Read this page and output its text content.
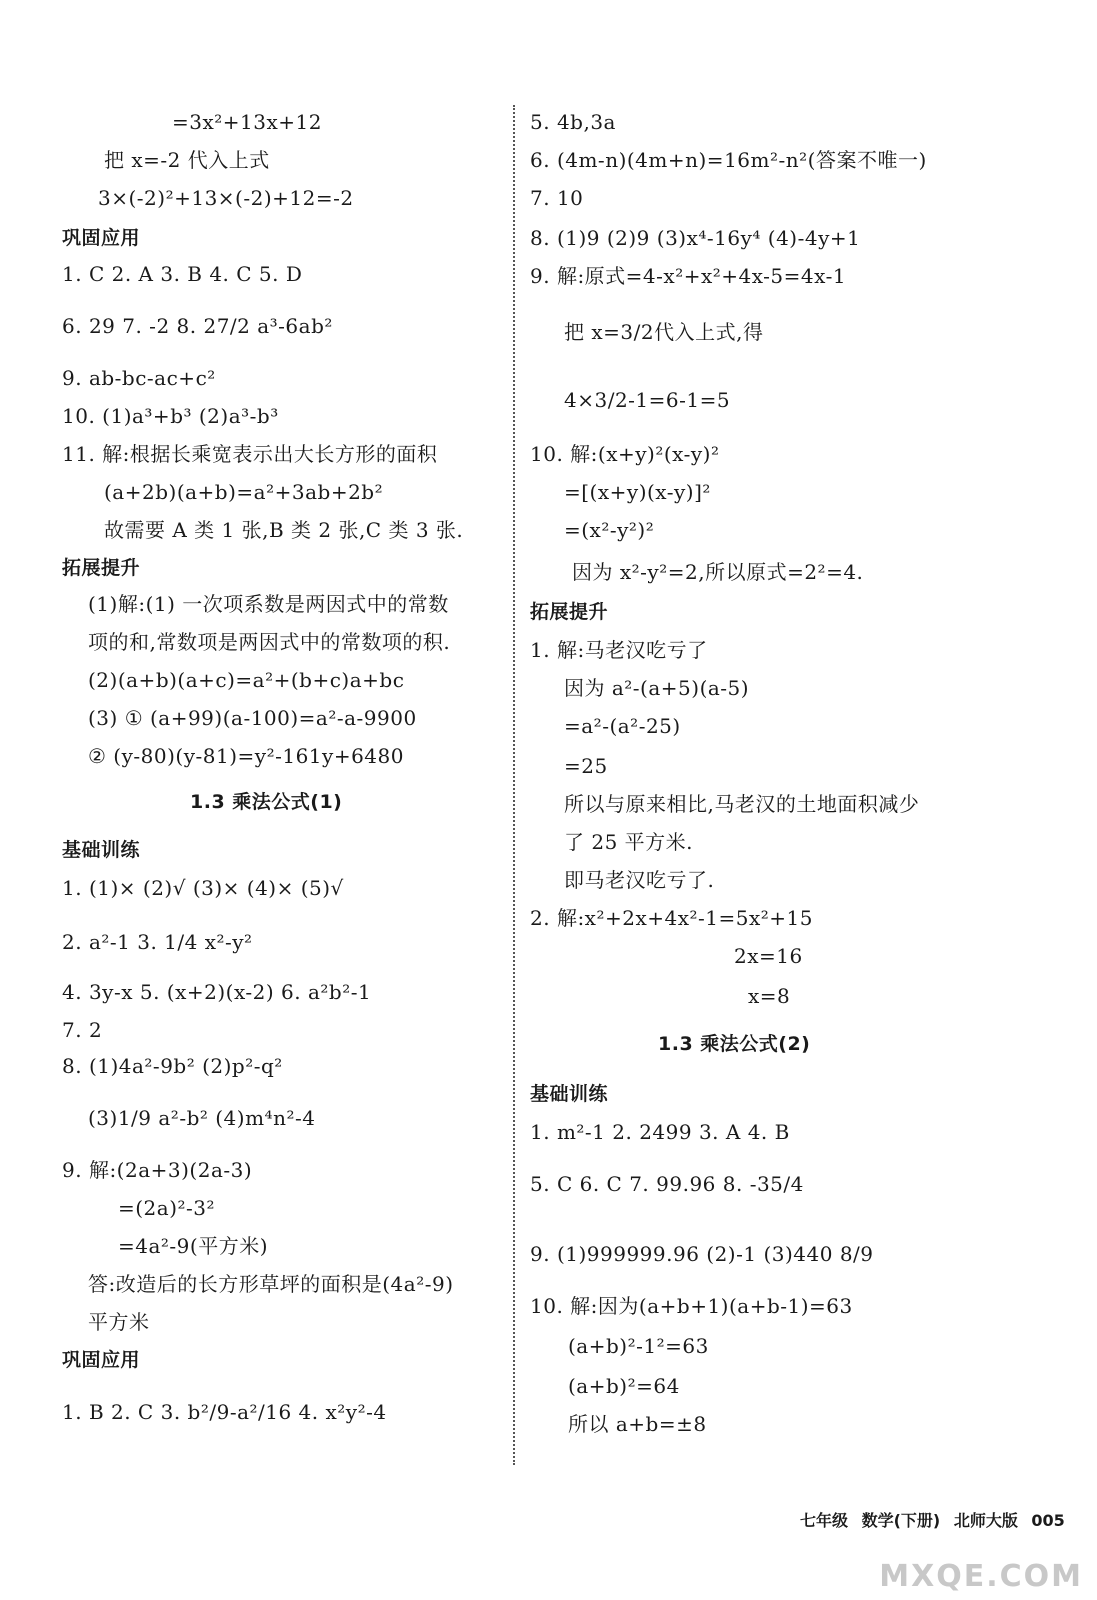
=3x²+13x+12
把 x=-2 代入上式
3×(-2)²+13×(-2)+12=-2
巩固应用
1. C 2. A 3. B 4. C 5. D
6. 29 7. -2 8. 27/2 a³-6ab²
9. ab-bc-ac+c²
10. (1)a³+b³ (2)a³-b³
11. 解:根据长乘宽表示出大长方形的面积
(a+2b)(a+b)=a²+3ab+2b²
故需要 A 类 1 张,B 类 2 张,C 类 3 张.
拓展提升
(1)解:(1) 一次项系数是两因式中的常数
项的和,常数项是两因式中的常数项的积.
(2)(a+b)(a+c)=a²+(b+c)a+bc
(3) ① (a+99)(a-100)=a²-a-9900
② (y-80)(y-81)=y²-161y+6480
1.3 乘法公式(1)
基础训练
1. (1)× (2)√ (3)× (4)× (5)√
2. a²-1 3. 1/4 x²-y²
4. 3y-x 5. (x+2)(x-2) 6. a²b²-1
7. 2
8. (1)4a²-9b² (2)p²-q²
(3)1/9 a²-b² (4)m⁴n²-4
9. 解:(2a+3)(2a-3)
=(2a)²-3²
=4a²-9(平方米)
答:改造后的长方形草坪的面积是(4a²-9)
平方米
巩固应用
1. B 2. C 3. b²/9-a²/16 4. x²y²-4
5. 4b,3a
6. (4m-n)(4m+n)=16m²-n²(答案不唯一)
7. 10
8. (1)9 (2)9 (3)x⁴-16y⁴ (4)-4y+1
9. 解:原式=4-x²+x²+4x-5=4x-1
把 x=3/2代入上式,得
4×3/2-1=6-1=5
10. 解:(x+y)²(x-y)²
=[(x+y)(x-y)]²
=(x²-y²)²
因为 x²-y²=2,所以原式=2²=4.
拓展提升
1. 解:马老汉吃亏了
因为 a²-(a+5)(a-5)
=a²-(a²-25)
=25
所以与原来相比,马老汉的土地面积减少
了 25 平方米.
即马老汉吃亏了.
2. 解:x²+2x+4x²-1=5x²+15
2x=16
x=8
1.3 乘法公式(2)
基础训练
1. m²-1 2. 2499 3. A 4. B
5. C 6. C 7. 99.96 8. -35/4
9. (1)999999.96 (2)-1 (3)440 8/9
10. 解:因为(a+b+1)(a+b-1)=63
(a+b)²-1²=63
(a+b)²=64
所以 a+b=±8
七年级 数学(下册) 北师大版 005
MXQE.COM
